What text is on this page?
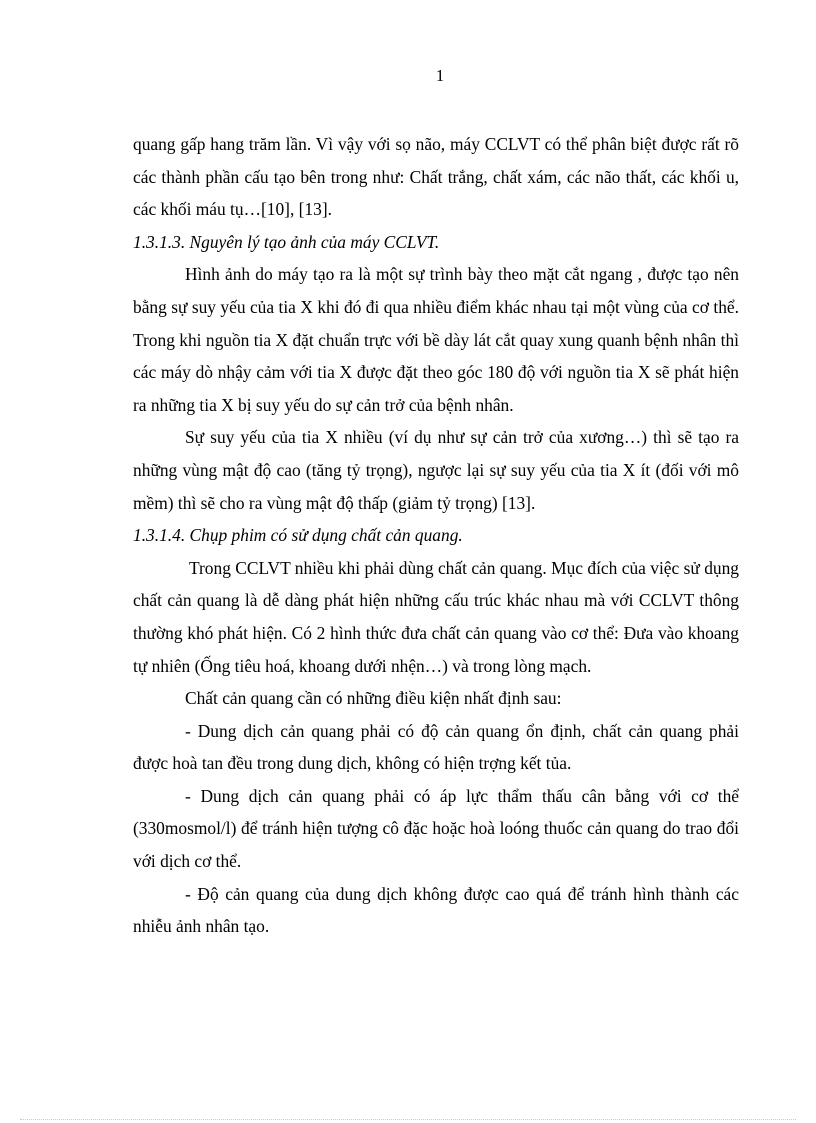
1

quang gấp hang trăm lần. Vì vậy với sọ não, máy CCLVT có thể phân biệt được rất rõ các thành phần cấu tạo bên trong như: Chất trắng, chất xám, các não thất, các khối u, các khối máu tụ…[10], [13].

1.3.1.3. Nguyên lý tạo ảnh của máy CCLVT.

Hình ảnh do máy tạo ra là một sự trình bày theo mặt cắt ngang , được tạo nên bằng sự suy yếu của tia X khi đó đi qua nhiều điểm khác nhau tại một vùng của cơ thể. Trong khi nguồn tia X đặt chuẩn trực với bề dày lát cắt quay xung quanh bệnh nhân thì các máy dò nhậy cảm với tia X được đặt theo góc 180 độ với nguồn tia X sẽ phát hiện ra những tia X bị suy yếu do sự cản trở của bệnh nhân.

Sự suy yếu của tia X nhiều (ví dụ như sự cản trở của xương…) thì sẽ tạo ra những vùng mật độ cao (tăng tỷ trọng), ngược lại sự suy yếu của tia X ít (đối với mô mềm) thì sẽ cho ra vùng mật độ thấp (giảm tỷ trọng) [13].

1.3.1.4. Chụp phim có sử dụng chất cản quang.

Trong CCLVT nhiều khi phải dùng chất cản quang. Mục đích của việc sử dụng chất cản quang là dễ dàng phát hiện những cấu trúc khác nhau mà với CCLVT thông thường khó phát hiện. Có 2 hình thức đưa chất cản quang vào cơ thể: Đưa vào khoang tự nhiên (Ống tiêu hoá, khoang dưới nhện…) và trong lòng mạch.

Chất cản quang cần có những điều kiện nhất định sau:

- Dung dịch cản quang phải có độ cản quang ổn định, chất cản quang phải được hoà tan đều trong dung dịch, không có hiện trợng kết tủa.

- Dung dịch cản quang phải có áp lực thẩm thấu cân bằng với cơ thể (330mosmol/l) để tránh hiện tượng cô đặc hoặc hoà loóng thuốc cản quang do trao đổi với dịch cơ thể.

- Độ cản quang của dung dịch không được cao quá để tránh hình thành các nhiễu ảnh nhân tạo.
